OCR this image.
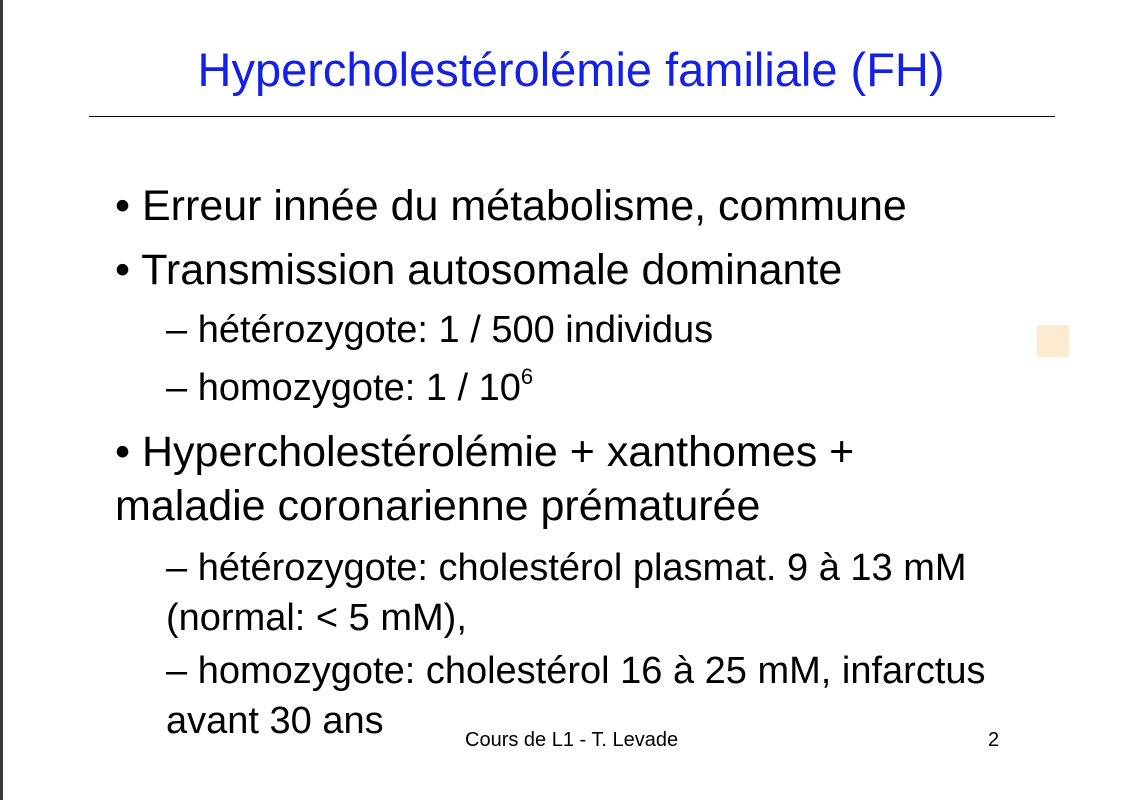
Hypercholestérolémie familiale (FH)
• Erreur innée du métabolisme, commune
• Transmission autosomale dominante
– hétérozygote: 1 / 500 individus
– homozygote: $1 / 10^6$
• Hypercholestérolémie + xanthomes +
maladie coronarienne prématurée
– hétérozygote: cholestérol plasmat. 9 à 13 mM
(normal: < 5 mM),
– homozygote: cholestérol 16 à 25 mM, infarctus
avant 30 ans	Cours de L1 - T. Levade	2
